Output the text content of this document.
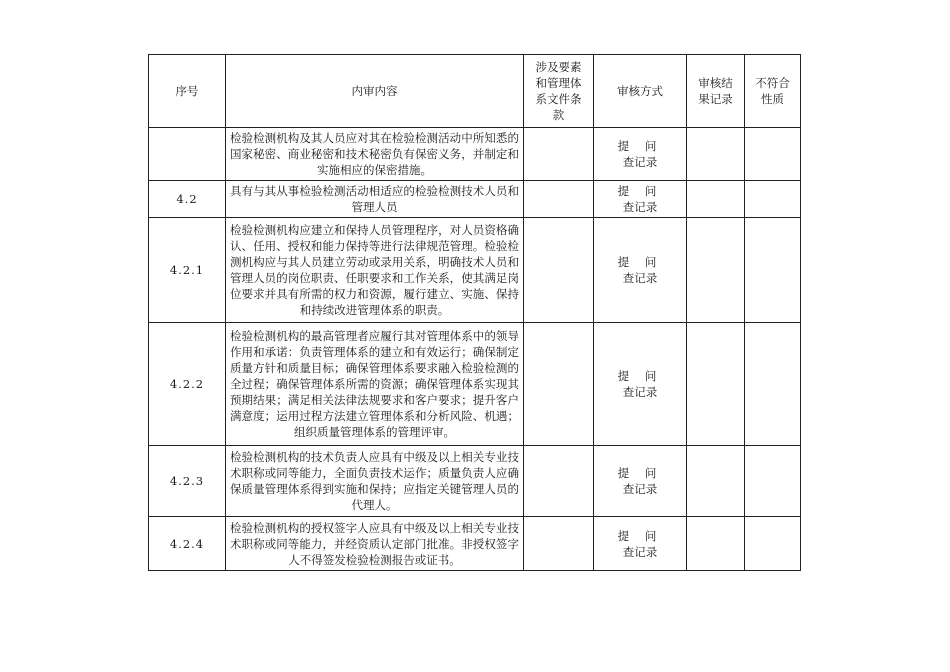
序号	内审内容	涉及要素和管理体系文件条款	审核方式	审核结果记录	不符合性质
	检验检测机构及其人员应对其在检验检测活动中所知悉的国家秘密、商业秘密和技术秘密负有保密义务，并制定和实施相应的保密措施。		提 问
查记录		

4.2	具有与其从事检验检测活动相适应的检验检测技术人员和管理人员		提 问
查记录		

4.2.1	检验检测机构应建立和保持人员管理程序，对人员资格确认、任用、授权和能力保持等进行法律规范管理。检验检测机构应与其人员建立劳动或录用关系，明确技术人员和管理人员的岗位职责、任职要求和工作关系，使其满足岗位要求并具有所需的权力和资源，履行建立、实施、保持和持续改进管理体系的职责。		提 问
查记录		

4.2.2	检验检测机构的最高管理者应履行其对管理体系中的领导作用和承诺：负责管理体系的建立和有效运行；确保制定质量方针和质量目标；确保管理体系要求融入检验检测的全过程；确保管理体系所需的资源；确保管理体系实现其预期结果；满足相关法律法规要求和客户要求；提升客户满意度；运用过程方法建立管理体系和分析风险、机遇；组织质量管理体系的管理评审。		提 问
查记录		

4.2.3	检验检测机构的技术负责人应具有中级及以上相关专业技术职称或同等能力，全面负责技术运作；质量负责人应确保质量管理体系得到实施和保持；应指定关键管理人员的代理人。		提 问
查记录		

4.2.4	检验检测机构的授权签字人应具有中级及以上相关专业技术职称或同等能力，并经资质认定部门批准。非授权签字人不得签发检验检测报告或证书。		提 问
查记录		
